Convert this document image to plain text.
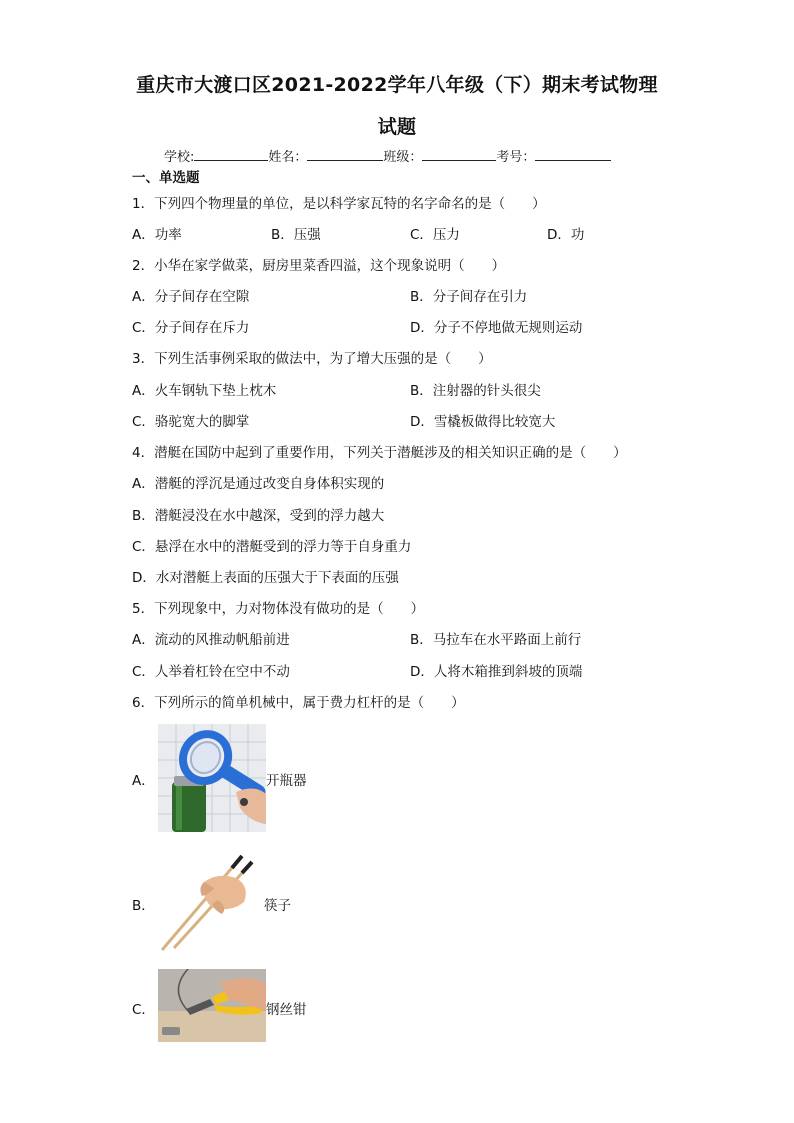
重庆市大渡口区2021-2022学年八年级（下）期末考试物理
试题
学校:	姓名：	班级：	考号：
一、单选题
1．下列四个物理量的单位，是以科学家瓦特的名字命名的是（　　）
A．功率	B．压强	C．压力	D．功
2．小华在家学做菜，厨房里菜香四溢，这个现象说明（　　）
A．分子间存在空隙	B．分子间存在引力
C．分子间存在斥力	D．分子不停地做无规则运动
3．下列生活事例采取的做法中，为了增大压强的是（　　）
A．火车钢轨下垫上枕木	B．注射器的针头很尖
C．骆驼宽大的脚掌	D．雪橇板做得比较宽大
4．潜艇在国防中起到了重要作用，下列关于潜艇涉及的相关知识正确的是（　　）
A．潜艇的浮沉是通过改变自身体积实现的
B．潜艇浸没在水中越深，受到的浮力越大
C．悬浮在水中的潜艇受到的浮力等于自身重力
D．水对潜艇上表面的压强大于下表面的压强
5．下列现象中，力对物体没有做功的是（　　）
A．流动的风推动帆船前进	B．马拉车在水平路面上前行
C．人举着杠铃在空中不动	D．人将木箱推到斜坡的顶端
6．下列所示的简单机械中，属于费力杠杆的是（　　）
A．	开瓶器
B．	筷子
C．	钢丝钳
